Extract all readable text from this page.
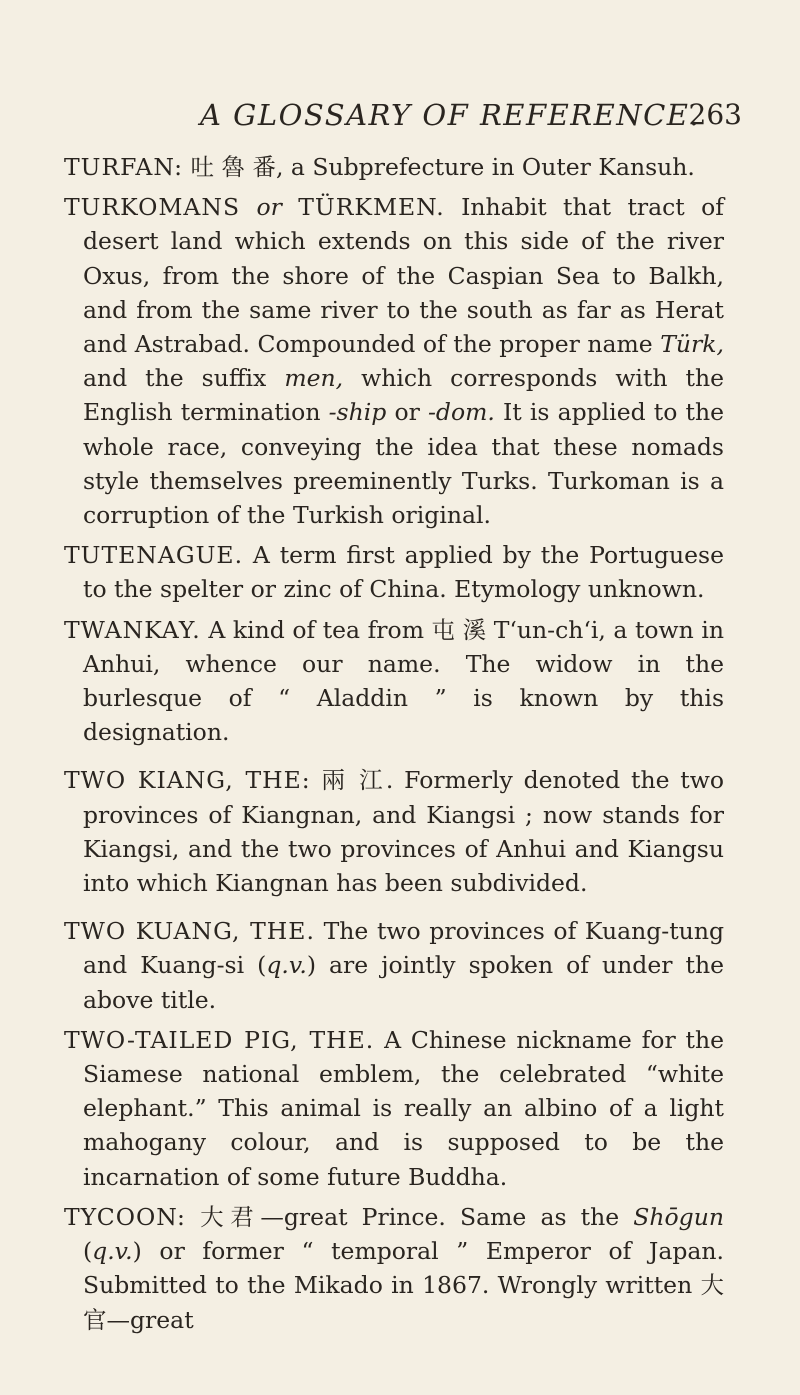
A GLOSSARY OF REFERENCE.
263

TURFAN: 吐 魯 番, a Subprefecture in Outer Kansuh.

TURKOMANS or TÜRKMEN. Inhabit that tract of desert land which extends on this side of the river Oxus, from the shore of the Caspian Sea to Balkh, and from the same river to the south as far as Herat and Astrabad. Compounded of the proper name Türk, and the suffix men, which corresponds with the English termination -ship or -dom. It is applied to the whole race, conveying the idea that these nomads style themselves preeminently Turks. Turkoman is a corruption of the Turkish original.

TUTENAGUE. A term first applied by the Portuguese to the spelter or zinc of China. Etymology unknown.

TWANKAY. A kind of tea from 屯 溪 T‘un-ch‘i, a town in Anhui, whence our name. The widow in the burlesque of “ Aladdin ” is known by this designation.

TWO KIANG, THE: 兩 江. Formerly denoted the two provinces of Kiangnan, and Kiangsi ; now stands for Kiangsi, and the two provinces of Anhui and Kiangsu into which Kiangnan has been subdivided.

TWO KUANG, THE. The two provinces of Kuang-tung and Kuang-si (q.v.) are jointly spoken of under the above title.

TWO-TAILED PIG, THE. A Chinese nickname for the Siamese national emblem, the celebrated “white elephant.” This animal is really an albino of a light mahogany colour, and is supposed to be the incarnation of some future Buddha.

TYCOON: 大君—great Prince. Same as the Shōgun (q.v.) or former “ temporal ” Emperor of Japan. Submitted to the Mikado in 1867. Wrongly written 大 官—great
